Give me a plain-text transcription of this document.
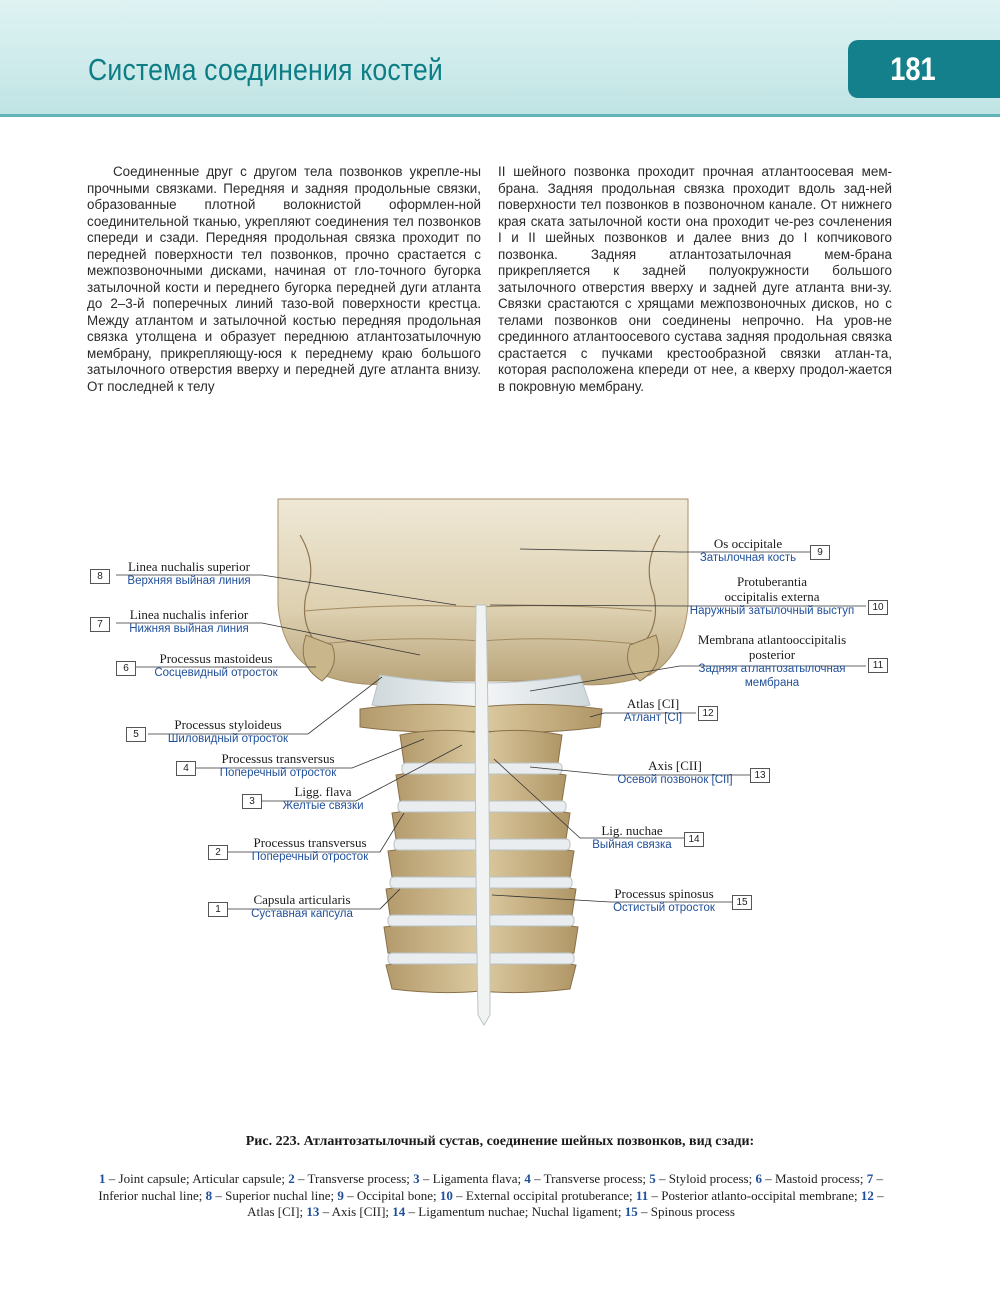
Система соединения костей	181

Соединенные друг с другом тела позвонков укрепле-ны прочными связками. Передняя и задняя продольные связки, образованные плотной волокнистой оформлен-ной соединительной тканью, укрепляют соединения тел позвонков спереди и сзади. Передняя продольная связка проходит по передней поверхности тел позвонков, прочно срастается с межпозвоночными дисками, начиная от гло-точного бугорка затылочной кости и переднего бугорка передней дуги атланта до 2–3-й поперечных линий тазо-вой поверхности крестца. Между атлантом и затылочной костью передняя продольная связка утолщена и образует переднюю атлантозатылочную мембрану, прикрепляющу-юся к переднему краю большого затылочного отверстия вверху и передней дуге атланта внизу. От последней к телу

II шейного позвонка проходит прочная атлантоосевая мем-брана. Задняя продольная связка проходит вдоль зад-ней поверхности тел позвонков в позвоночном канале. От нижнего края ската затылочной кости она проходит че-рез сочленения I и II шейных позвонков и далее вниз до I копчикового позвонка. Задняя атлантозатылочная мем-брана прикрепляется к задней полуокружности большого затылочного отверстия вверху и задней дуге атланта вни-зу. Связки срастаются с хрящами межпозвоночных дисков, но с телами позвонков они соединены непрочно. На уров-не срединного атлантоосевого сустава задняя продольная связка срастается с пучками крестообразной связки атлан-та, которая расположена кпереди от нее, а кверху продол-жается в покровную мембрану.

8
Linea nuchalis superior
Верхняя выйная линия
7
Linea nuchalis inferior
Нижняя выйная линия
6
Processus mastoideus
Сосцевидный отросток
5
Processus styloideus
Шиловидный отросток
4
Processus transversus
Поперечный отросток
3
Ligg. flava
Желтые связки
2
Processus transversus
Поперечный отросток
1
Capsula articularis
Суставная капсула
Os occipitale
Затылочная кость	9
Protuberantia
occipitalis externa
Наружный затылочный выступ	10
Membrana atlantooccipitalis
posterior
Задняя атлантозатылочная
мембрана
11
Atlas [CI]
Атлант [CI]	12
Axis [CII]
Осевой позвонок [CII]	13
Lig. nuchae
Выйная связка	14
Processus spinosus
Остистый отросток	15
Рис. 223. Атлантозатылочный сустав, соединение шейных позвонков, вид сзади:
1 – Joint capsule; Articular capsule; 2 – Transverse process; 3 – Ligamenta flava; 4 – Transverse process; 5 – Styloid process; 6 – Mastoid process; 7 – Inferior nuchal line; 8 – Superior nuchal line; 9 – Occipital bone; 10 – External occipital protuberance; 11 – Posterior atlanto-occipital membrane; 12 – Atlas [CI]; 13 – Axis [CII]; 14 – Ligamentum nuchae; Nuchal ligament; 15 – Spinous process
